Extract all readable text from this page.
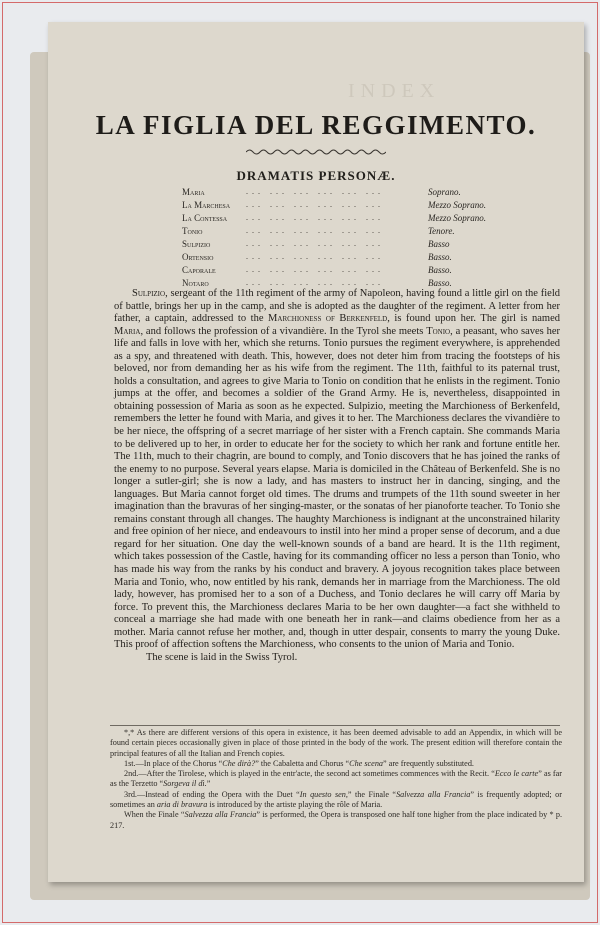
INDEX
LA FIGLIA DEL REGGIMENTO.
DRAMATIS PERSONÆ.
Maria	... ... ... ... ... ...	Soprano.
La Marchesa	... ... ... ... ... ...	Mezzo Soprano.
La Contessa	... ... ... ... ... ...	Mezzo Soprano.
Tonio	... ... ... ... ... ...	Tenore.
Sulpizio	... ... ... ... ... ...	Basso
Ortensio	... ... ... ... ... ...	Basso.
Caporale	... ... ... ... ... ...	Basso.
Notaro	... ... ... ... ... ...	Basso.

Sulpizio, sergeant of the 11th regiment of the army of Napoleon, having found a little girl on the field of battle, brings her up in the camp, and she is adopted as the daughter of the regiment. A letter from her father, a captain, addressed to the Marchioness of Berkenfeld, is found upon her. The girl is named Maria, and follows the profession of a vivandière. In the Tyrol she meets Tonio, a peasant, who saves her life and falls in love with her, which she returns. Tonio pursues the regiment everywhere, is apprehended as a spy, and threatened with death. This, however, does not deter him from tracing the footsteps of his beloved, nor from demanding her as his wife from the regiment. The 11th, faithful to its paternal trust, holds a consultation, and agrees to give Maria to Tonio on condition that he enlists in the regiment. Tonio jumps at the offer, and becomes a soldier of the Grand Army. He is, nevertheless, disappointed in obtaining possession of Maria as soon as he expected. Sulpizio, meeting the Marchioness of Berkenfeld, remembers the letter he found with Maria, and gives it to her. The Marchioness declares the vivandière to be her niece, the offspring of a secret marriage of her sister with a French captain. She commands Maria to be delivered up to her, in order to educate her for the society to which her rank and fortune entitle her. The 11th, much to their chagrin, are bound to comply, and Tonio discovers that he has joined the ranks of the enemy to no purpose. Several years elapse. Maria is domiciled in the Château of Berkenfeld. She is no longer a sutler-girl; she is now a lady, and has masters to instruct her in dancing, singing, and the languages. But Maria cannot forget old times. The drums and trumpets of the 11th sound sweeter in her imagination than the bravuras of her singing-master, or the sonatas of her pianoforte teacher. To Tonio she remains constant through all changes. The haughty Marchioness is indignant at the unconstrained hilarity and free opinion of her niece, and endeavours to instil into her mind a proper sense of decorum, and a due regard for her situation. One day the well-known sounds of a band are heard. It is the 11th regiment, which takes possession of the Castle, having for its commanding officer no less a person than Tonio, who has made his way from the ranks by his conduct and bravery. A joyous recognition takes place between Maria and Tonio, who, now entitled by his rank, demands her in marriage from the Marchioness. The old lady, however, has promised her to a son of a Duchess, and Tonio declares he will carry off Maria by force. To prevent this, the Marchioness declares Maria to be her own daughter—a fact she withheld to conceal a marriage she had made with one beneath her in rank—and claims obedience from her as a mother. Maria cannot refuse her mother, and, though in utter despair, consents to marry the young Duke. This proof of affection softens the Marchioness, who consents to the union of Maria and Tonio.

The scene is laid in the Swiss Tyrol.

*,* As there are different versions of this opera in existence, it has been deemed advisable to add an Appendix, in which will be found certain pieces occasionally given in place of those printed in the body of the work. The present edition will therefore contain the principal features of all the Italian and French copies.

1st.—In place of the Chorus “Che dirà?” the Cabaletta and Chorus “Che scena” are frequently substituted.

2nd.—After the Tirolese, which is played in the entr'acte, the second act sometimes commences with the Recit. “Ecco le carte” as far as the Terzetto “Sorgeva il dì.”

3rd.—Instead of ending the Opera with the Duet “In questo sen,” the Finale “Salvezza alla Francia” is frequently adopted; or sometimes an aria di bravura is introduced by the artiste playing the rôle of Maria.

When the Finale “Salvezza alla Francia” is performed, the Opera is transposed one half tone higher from the place indicated by * p. 217.
